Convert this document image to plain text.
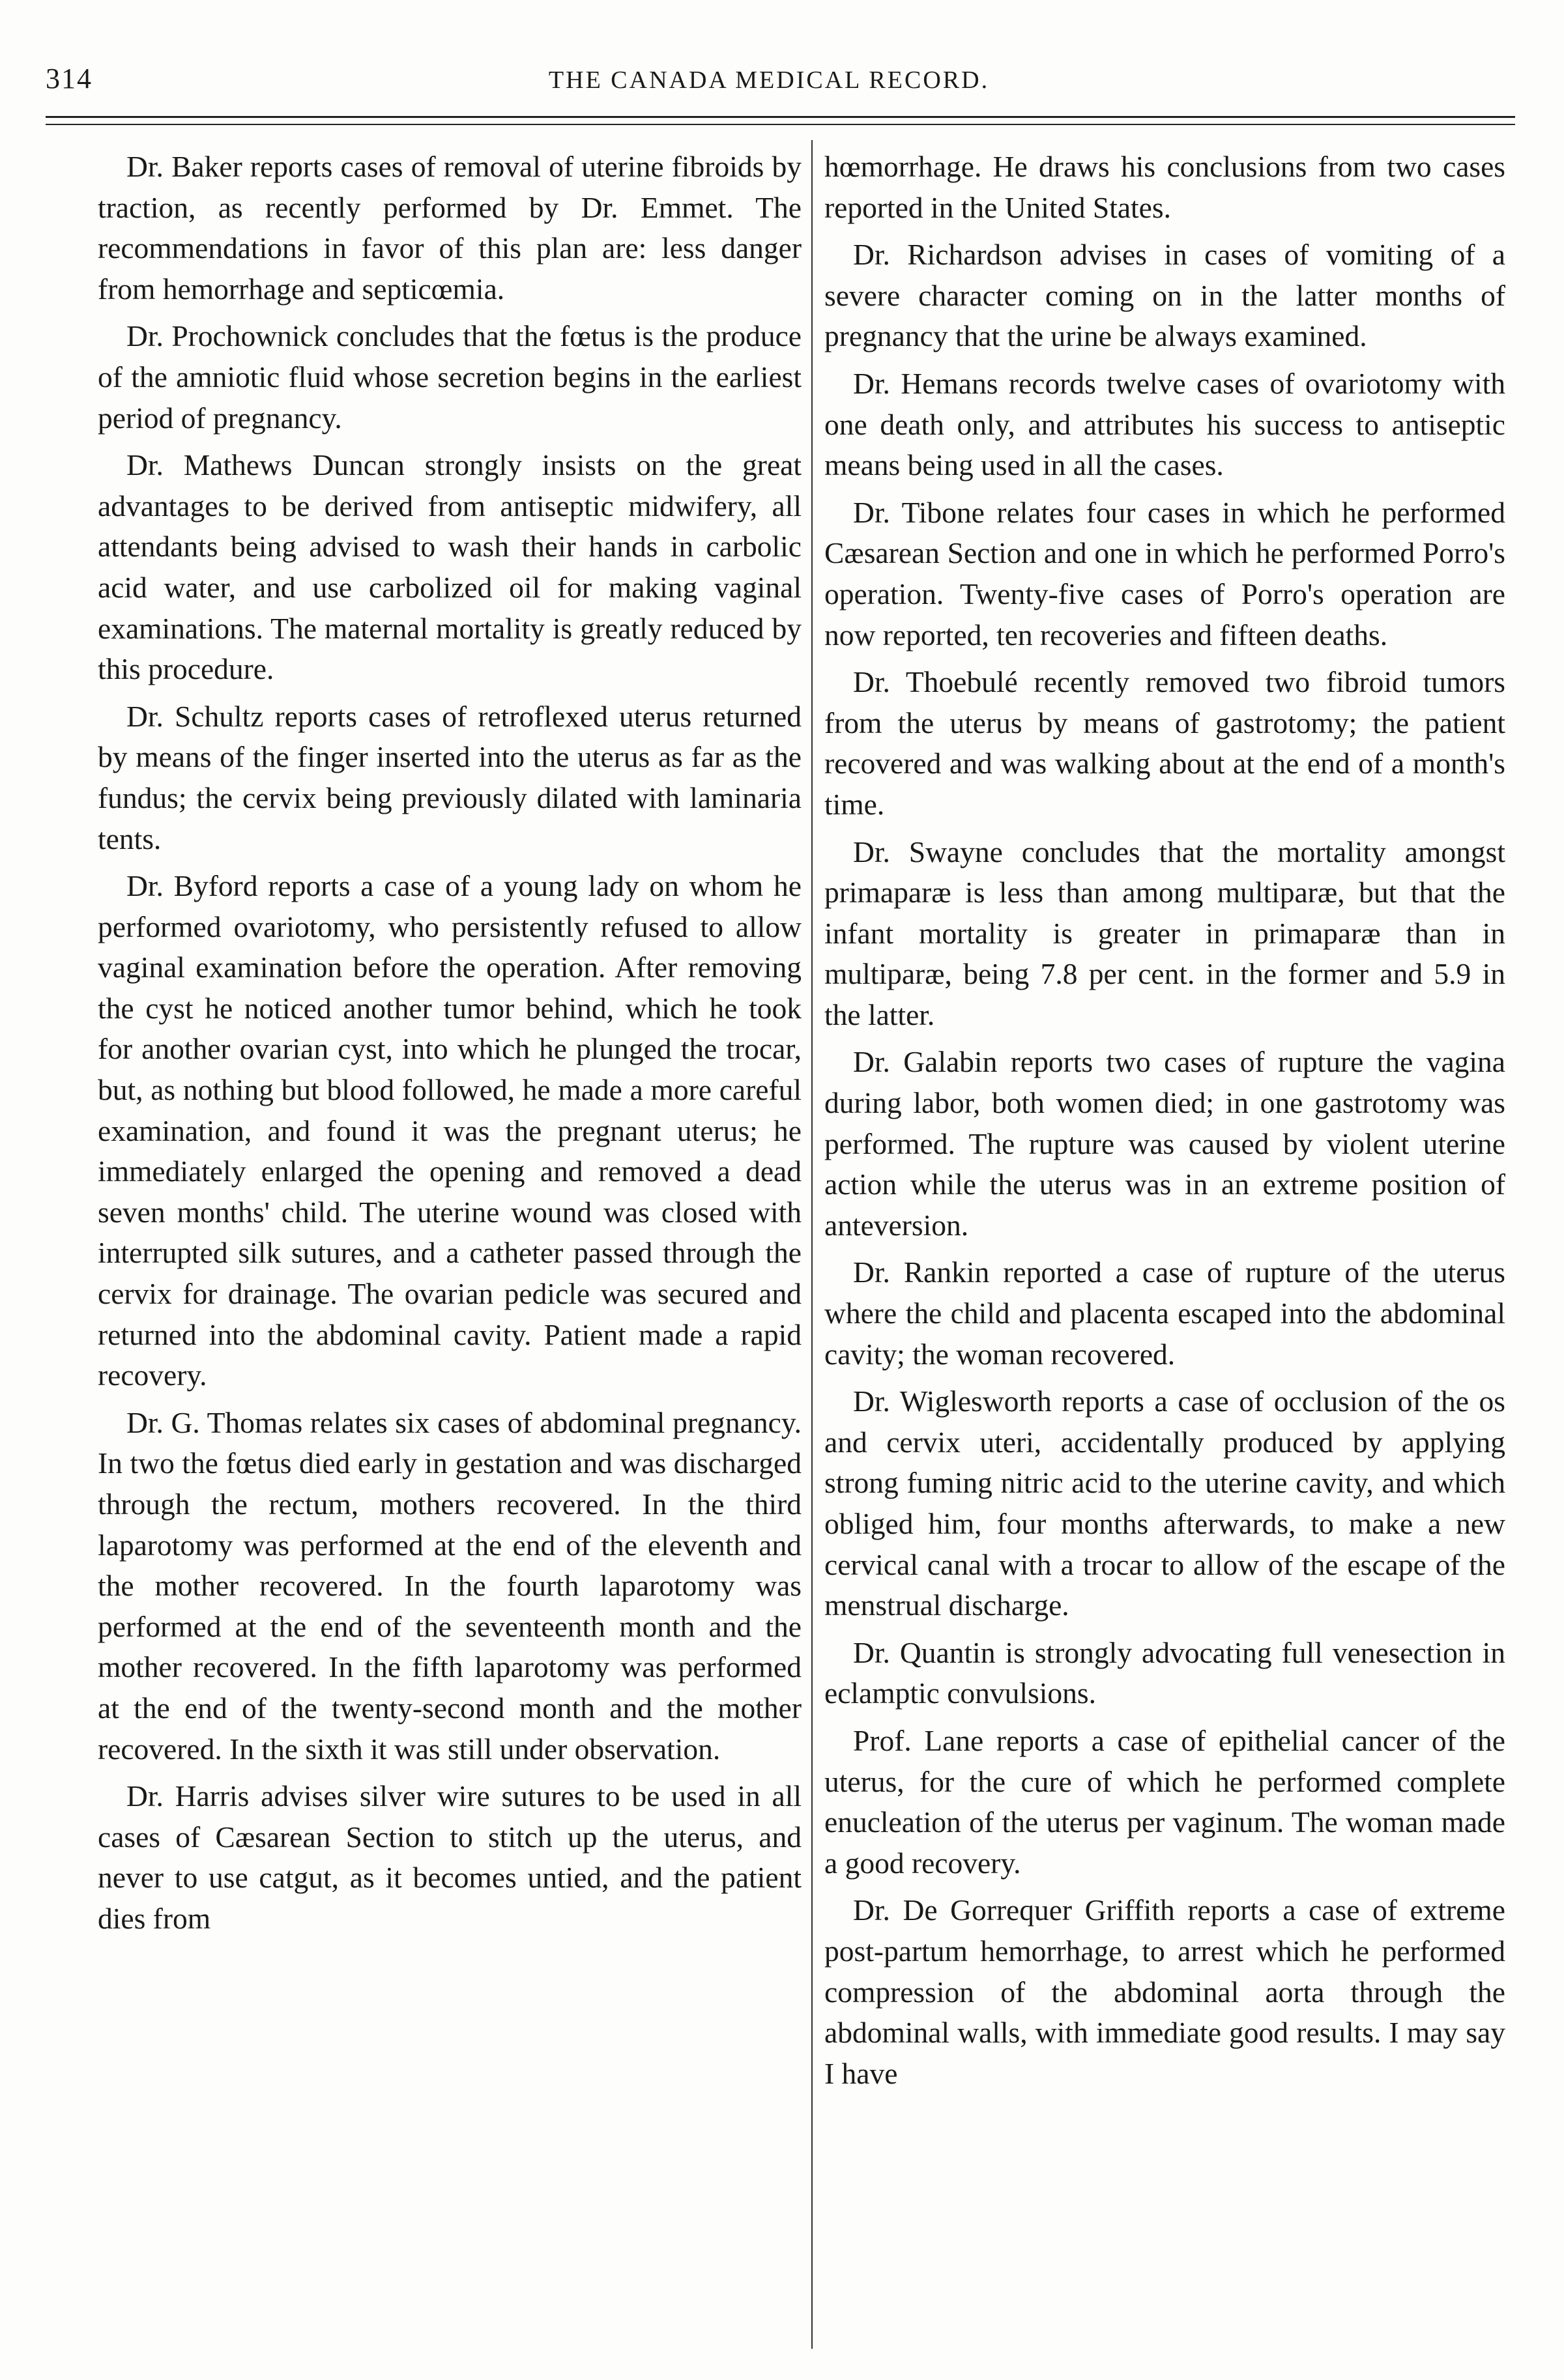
314	THE CANADA MEDICAL RECORD.

Dr. Baker reports cases of removal of uterine fibroids by traction, as recently performed by Dr. Emmet. The recommendations in favor of this plan are: less danger from hemorrhage and septicœmia.

Dr. Prochownick concludes that the fœtus is the produce of the amniotic fluid whose secretion begins in the earliest period of pregnancy.

Dr. Mathews Duncan strongly insists on the great advantages to be derived from antiseptic midwifery, all attendants being advised to wash their hands in carbolic acid water, and use carbolized oil for making vaginal examinations. The maternal mortality is greatly reduced by this procedure.

Dr. Schultz reports cases of retroflexed uterus returned by means of the finger inserted into the uterus as far as the fundus; the cervix being previously dilated with laminaria tents.

Dr. Byford reports a case of a young lady on whom he performed ovariotomy, who persistently refused to allow vaginal examination before the operation. After removing the cyst he noticed another tumor behind, which he took for another ovarian cyst, into which he plunged the trocar, but, as nothing but blood followed, he made a more careful examination, and found it was the pregnant uterus; he immediately enlarged the opening and removed a dead seven months' child. The uterine wound was closed with interrupted silk sutures, and a catheter passed through the cervix for drainage. The ovarian pedicle was secured and returned into the abdominal cavity. Patient made a rapid recovery.

Dr. G. Thomas relates six cases of abdominal pregnancy. In two the fœtus died early in gestation and was discharged through the rectum, mothers recovered. In the third laparotomy was performed at the end of the eleventh and the mother recovered. In the fourth laparotomy was performed at the end of the seventeenth month and the mother recovered. In the fifth laparotomy was performed at the end of the twenty-second month and the mother recovered. In the sixth it was still under observation.

Dr. Harris advises silver wire sutures to be used in all cases of Cæsarean Section to stitch up the uterus, and never to use catgut, as it becomes untied, and the patient dies from

hœmorrhage. He draws his conclusions from two cases reported in the United States.

Dr. Richardson advises in cases of vomiting of a severe character coming on in the latter months of pregnancy that the urine be always examined.

Dr. Hemans records twelve cases of ovariotomy with one death only, and attributes his success to antiseptic means being used in all the cases.

Dr. Tibone relates four cases in which he performed Cæsarean Section and one in which he performed Porro's operation. Twenty-five cases of Porro's operation are now reported, ten recoveries and fifteen deaths.

Dr. Thoebulé recently removed two fibroid tumors from the uterus by means of gastrotomy; the patient recovered and was walking about at the end of a month's time.

Dr. Swayne concludes that the mortality amongst primaparæ is less than among multiparæ, but that the infant mortality is greater in primaparæ than in multiparæ, being 7.8 per cent. in the former and 5.9 in the latter.

Dr. Galabin reports two cases of rupture the vagina during labor, both women died; in one gastrotomy was performed. The rupture was caused by violent uterine action while the uterus was in an extreme position of anteversion.

Dr. Rankin reported a case of rupture of the uterus where the child and placenta escaped into the abdominal cavity; the woman recovered.

Dr. Wiglesworth reports a case of occlusion of the os and cervix uteri, accidentally produced by applying strong fuming nitric acid to the uterine cavity, and which obliged him, four months afterwards, to make a new cervical canal with a trocar to allow of the escape of the menstrual discharge.

Dr. Quantin is strongly advocating full venesection in eclamptic convulsions.

Prof. Lane reports a case of epithelial cancer of the uterus, for the cure of which he performed complete enucleation of the uterus per vaginum. The woman made a good recovery.

Dr. De Gorrequer Griffith reports a case of extreme post-partum hemorrhage, to arrest which he performed compression of the abdominal aorta through the abdominal walls, with immediate good results. I may say I have
